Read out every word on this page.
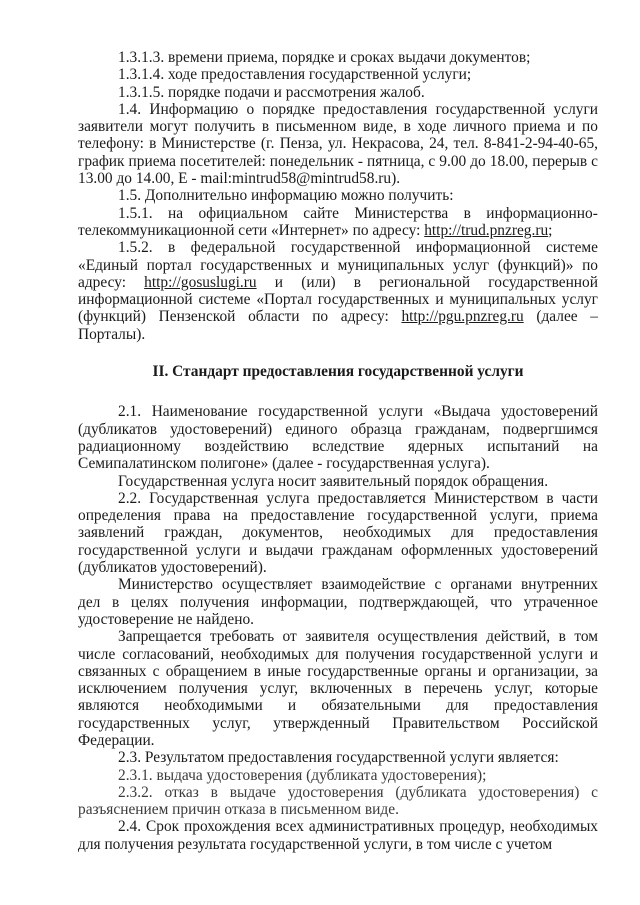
1.3.1.3. времени приема, порядке и сроках выдачи документов;

1.3.1.4. ходе предоставления государственной услуги;

1.3.1.5. порядке подачи и рассмотрения жалоб.

1.4. Информацию о порядке предоставления государственной услуги заявители могут получить в письменном виде, в ходе личного приема и по телефону: в Министерстве (г. Пенза, ул. Некрасова, 24, тел. 8-841-2-94-40-65, график приема посетителей: понедельник - пятница, с 9.00 до 18.00, перерыв с 13.00 до 14.00, E - mail:mintrud58@mintrud58.ru).

1.5. Дополнительно информацию можно получить:

1.5.1.    на    официальном    сайте    Министерства    в    информационно-

телекоммуникационной сети «Интернет» по адресу: http://trud.pnzreg.ru;

1.5.2. в федеральной государственной информационной системе «Единый портал государственных и муниципальных услуг (функций)» по адресу: http://gosuslugi.ru и (или) в региональной государственной информационной системе «Портал государственных и муниципальных услуг (функций) Пензенской области по адресу: http://pgu.pnzreg.ru (далее – Порталы).

II. Стандарт предоставления государственной услуги

2.1. Наименование государственной услуги «Выдача удостоверений (дубликатов удостоверений) единого образца гражданам, подвергшимся радиационному воздействию вследствие ядерных испытаний на Семипалатинском полигоне» (далее - государственная услуга).

Государственная услуга носит заявительный порядок обращения.

2.2. Государственная услуга предоставляется Министерством в части определения права на предоставление государственной услуги, приема заявлений граждан, документов, необходимых для предоставления государственной услуги и выдачи гражданам оформленных удостоверений (дубликатов удостоверений).

Министерство осуществляет взаимодействие с органами внутренних дел в целях получения информации, подтверждающей, что утраченное удостоверение не найдено.

Запрещается требовать от заявителя осуществления действий, в том числе согласований, необходимых для получения государственной услуги и связанных с обращением в иные государственные органы и организации, за исключением получения услуг, включенных в перечень услуг, которые являются необходимыми и обязательными для предоставления государственных услуг, утвержденный Правительством Российской Федерации.

2.3. Результатом предоставления государственной услуги является:

2.3.1. выдача удостоверения (дубликата удостоверения);

2.3.2. отказ в выдаче удостоверения (дубликата удостоверения) с разъяснением причин отказа в письменном виде.

2.4. Срок прохождения всех административных процедур, необходимых для получения результата государственной услуги, в том числе с учетом
